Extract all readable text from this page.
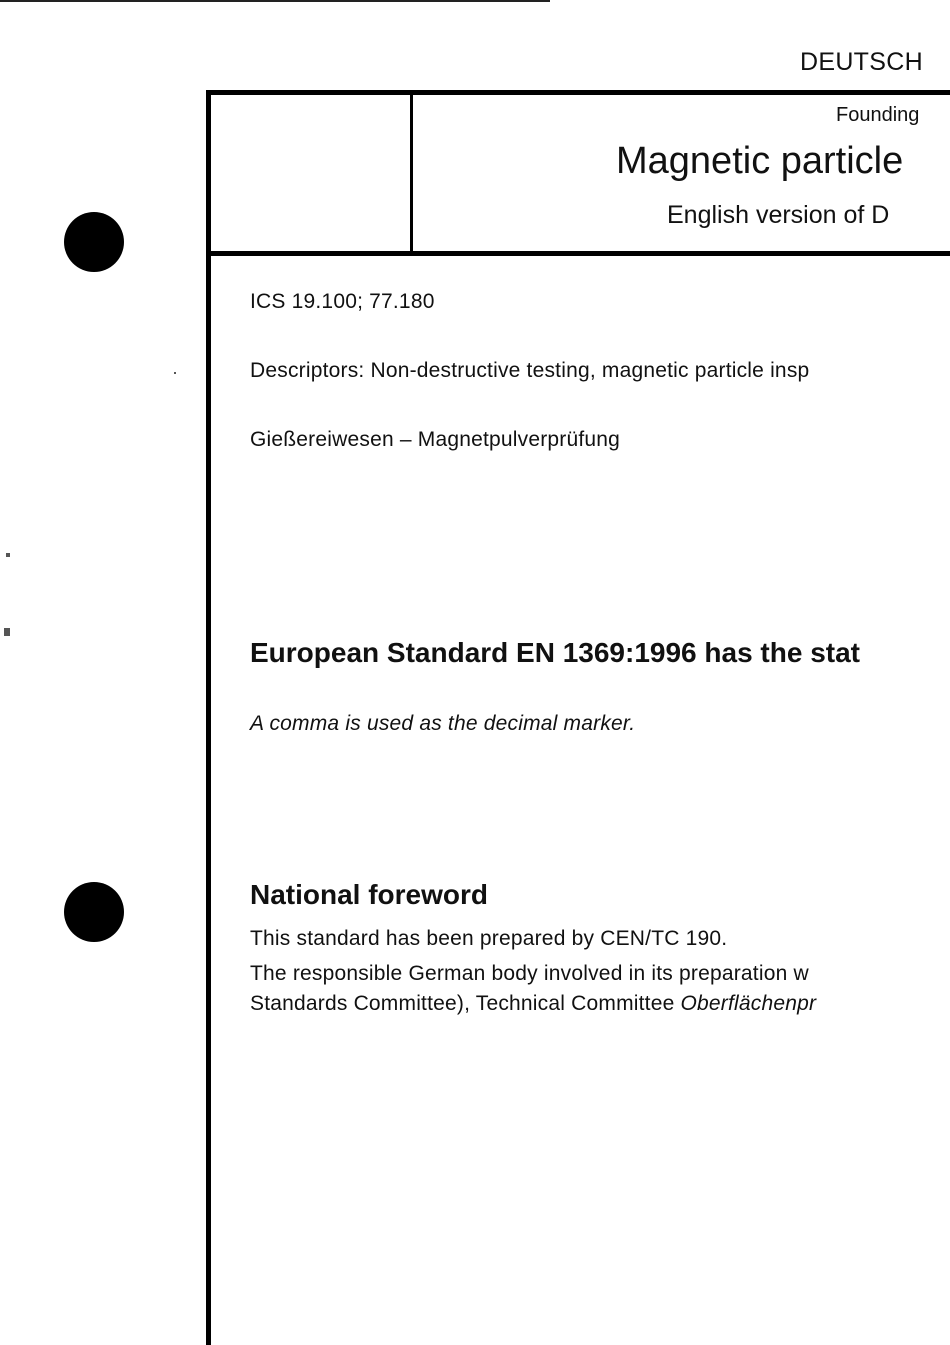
DEUTSCH
Founding
Magnetic particle
English version of D
ICS 19.100; 77.180
Descriptors: Non-destructive testing, magnetic particle insp
Gießereiwesen – Magnetpulverprüfung
European Standard EN 1369:1996 has the stat
A comma is used as the decimal marker.
National foreword
This standard has been prepared by CEN/TC 190.
The responsible German body involved in its preparation w
Standards Committee), Technical Committee Oberflächenpr
